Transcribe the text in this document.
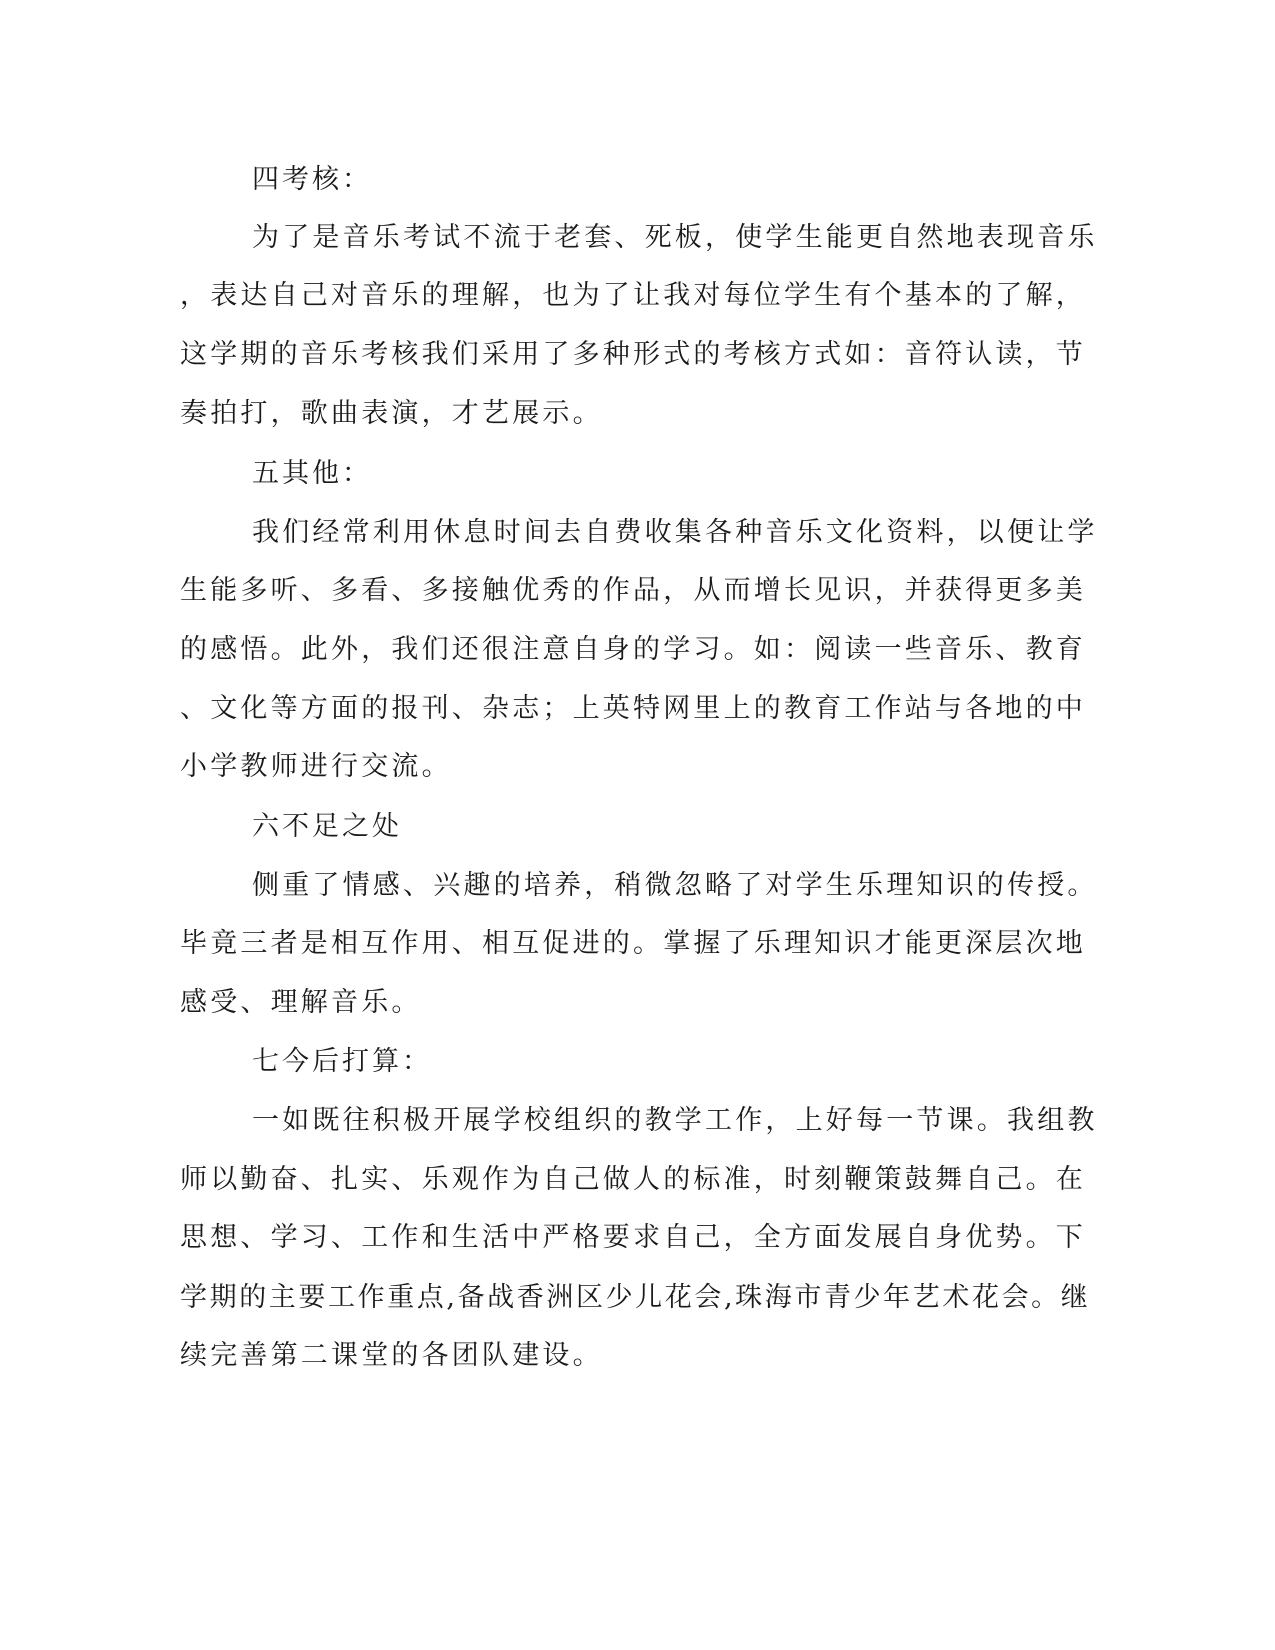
四考核：
为了是音乐考试不流于老套、死板，使学生能更自然地表现音乐
，表达自己对音乐的理解，也为了让我对每位学生有个基本的了解，
这学期的音乐考核我们采用了多种形式的考核方式如：音符认读，节
奏拍打，歌曲表演，才艺展示。
五其他：
我们经常利用休息时间去自费收集各种音乐文化资料，以便让学
生能多听、多看、多接触优秀的作品，从而增长见识，并获得更多美
的感悟。此外，我们还很注意自身的学习。如：阅读一些音乐、教育
、文化等方面的报刊、杂志；上英特网里上的教育工作站与各地的中
小学教师进行交流。
六不足之处
侧重了情感、兴趣的培养，稍微忽略了对学生乐理知识的传授。
毕竟三者是相互作用、相互促进的。掌握了乐理知识才能更深层次地
感受、理解音乐。
七今后打算：
一如既往积极开展学校组织的教学工作，上好每一节课。我组教
师以勤奋、扎实、乐观作为自己做人的标准，时刻鞭策鼓舞自己。在
思想、学习、工作和生活中严格要求自己，全方面发展自身优势。下
学期的主要工作重点,备战香洲区少儿花会,珠海市青少年艺术花会。继
续完善第二课堂的各团队建设。
